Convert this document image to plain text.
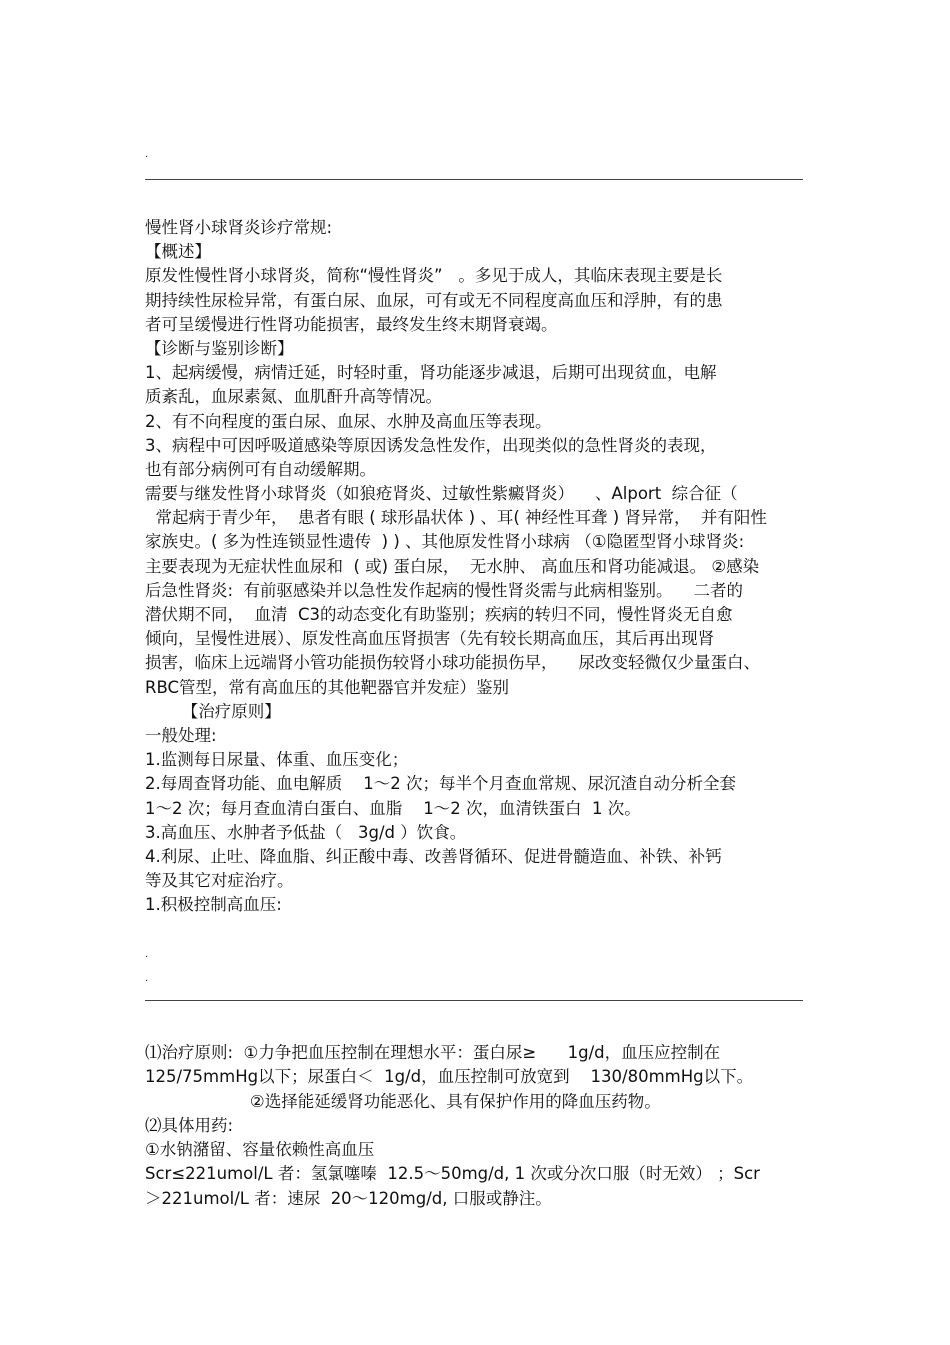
.
慢性肾小球肾炎诊疗常规:
【概述】
原发性慢性肾小球肾炎，简称“慢性肾炎”   。多见于成人，其临床表现主要是长
期持续性尿检异常，有蛋白尿、血尿，可有或无不同程度高血压和浮肿，有的患
者可呈缓慢进行性肾功能损害，最终发生终末期肾衰竭。
【诊断与鉴别诊断】
1、起病缓慢，病情迁延，时轻时重，肾功能逐步减退，后期可出现贫血，电解
质紊乱，血尿素氮、血肌酐升高等情况。
2、有不向程度的蛋白尿、血尿、水肿及高血压等表现。
3、病程中可因呼吸道感染等原因诱发急性发作，出现类似的急性肾炎的表现，
也有部分病例可有自动缓解期。
需要与继发性肾小球肾炎（如狼疮肾炎、过敏性紫癜肾炎）    、Alport  综合征（
常起病于青少年，  患者有眼 ( 球形晶状体 ) 、耳( 神经性耳聋 ) 肾异常，  并有阳性
家族史。( 多为性连锁显性遗传  ) ) 、其他原发性肾小球病 （①隐匿型肾小球肾炎:
主要表现为无症状性血尿和  ( 或) 蛋白尿，  无水肿、 高血压和肾功能减退。 ②感染
后急性肾炎:  有前驱感染并以急性发作起病的慢性肾炎需与此病相鉴别。    二者的
潜伏期不同，  血清  C3的动态变化有助鉴别；疾病的转归不同，慢性肾炎无自愈
倾向，呈慢性进展）、原发性高血压肾损害（先有较长期高血压，其后再出现肾
损害，临床上远端肾小管功能损伤较肾小球功能损伤早，    尿改变轻微仅少量蛋白、
RBC管型，常有高血压的其他靶器官并发症）鉴别
【治疗原则】
一般处理:
1.监测每日尿量、体重、血压变化；
2.每周查肾功能、血电解质    1～2 次；每半个月查血常规、尿沉渣自动分析全套
1～2 次；每月查血清白蛋白、血脂    1～2 次，血清铁蛋白  1 次。
3.高血压、水肿者予低盐（   3g/d ）饮食。
4.利尿、止吐、降血脂、纠正酸中毒、改善肾循环、促进骨髓造血、补铁、补钙
等及其它对症治疗。
1.积极控制高血压:
.
.
⑴治疗原则:  ①力争把血压控制在理想水平：蛋白尿≥      1g/d，血压应控制在
125/75mmHg以下；尿蛋白＜  1g/d，血压控制可放宽到    130/80mmHg以下。
②选择能延缓肾功能恶化、具有保护作用的降血压药物。
⑵具体用药:
①水钠潴留、容量依赖性高血压
Scr≤221umol/L 者：氢氯噻嗪  12.5～50mg/d, 1 次或分次口服（时无效） ；Scr
＞221umol/L 者：速尿  20～120mg/d, 口服或静注。
